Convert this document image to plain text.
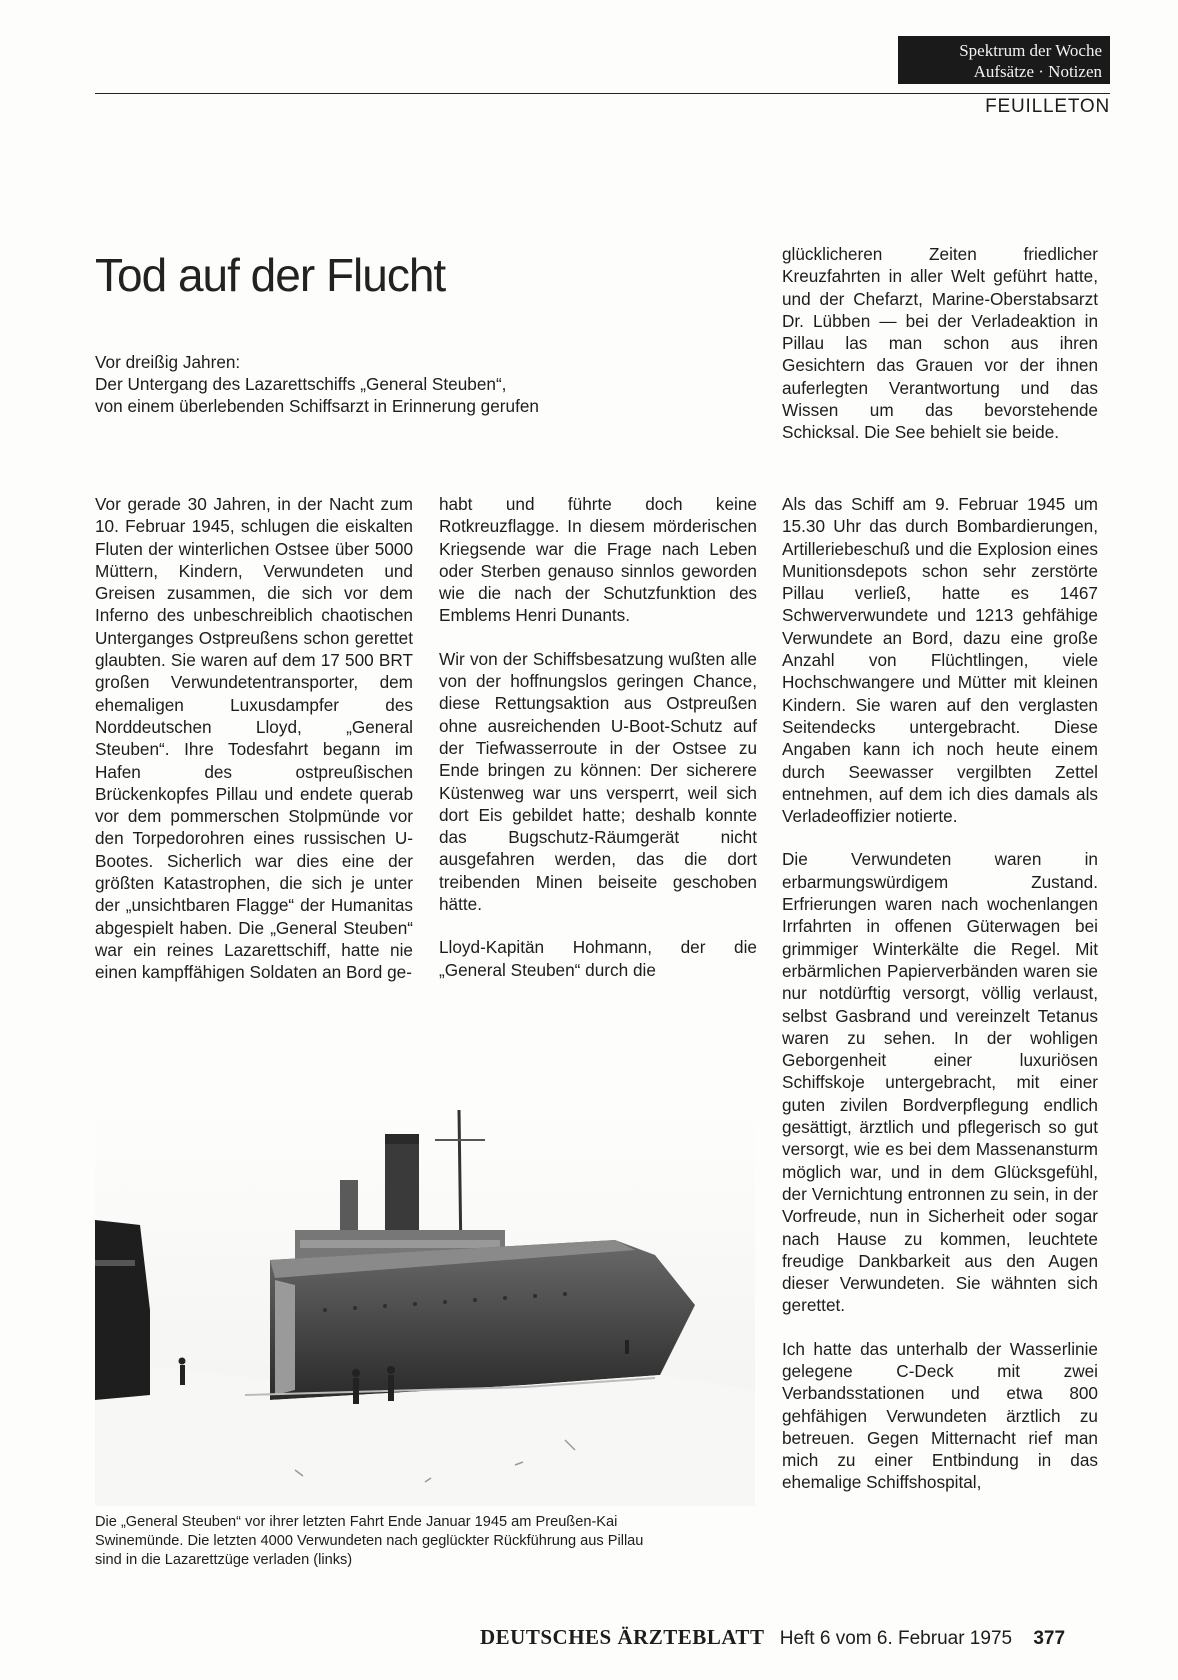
Spektrum der Woche
Aufsätze · Notizen
FEUILLETON
Tod auf der Flucht
Vor dreißig Jahren:
Der Untergang des Lazarettschiffs „General Steuben“,
von einem überlebenden Schiffsarzt in Erinnerung gerufen

glücklicheren Zeiten friedlicher Kreuzfahrten in aller Welt geführt hatte, und der Chefarzt, Marine-Oberstabsarzt Dr. Lübben — bei der Verladeaktion in Pillau las man schon aus ihren Gesichtern das Grauen vor der ihnen auferlegten Verantwortung und das Wissen um das bevorstehende Schicksal. Die See behielt sie beide.

Vor gerade 30 Jahren, in der Nacht zum 10. Februar 1945, schlugen die eiskalten Fluten der winterlichen Ostsee über 5000 Müttern, Kindern, Verwundeten und Greisen zusammen, die sich vor dem Inferno des unbeschreiblich chaotischen Unterganges Ostpreußens schon gerettet glaubten. Sie waren auf dem 17 500 BRT großen Verwundetentransporter, dem ehemaligen Luxusdampfer des Norddeutschen Lloyd, „General Steuben“. Ihre Todesfahrt begann im Hafen des ostpreußischen Brückenkopfes Pillau und endete querab vor dem pommerschen Stolpmünde vor den Torpedorohren eines russischen U-Bootes. Sicherlich war dies eine der größten Katastrophen, die sich je unter der „unsichtbaren Flagge“ der Humanitas abgespielt haben. Die „General Steuben“ war ein reines Lazarettschiff, hatte nie einen kampffähigen Soldaten an Bord ge-

habt und führte doch keine Rotkreuzflagge. In diesem mörderischen Kriegsende war die Frage nach Leben oder Sterben genauso sinnlos geworden wie die nach der Schutzfunktion des Emblems Henri Dunants.

Wir von der Schiffsbesatzung wußten alle von der hoffnungslos geringen Chance, diese Rettungsaktion aus Ostpreußen ohne ausreichenden U-Boot-Schutz auf der Tiefwasserroute in der Ostsee zu Ende bringen zu können: Der sicherere Küstenweg war uns versperrt, weil sich dort Eis gebildet hatte; deshalb konnte das Bugschutz-Räumgerät nicht ausgefahren werden, das die dort treibenden Minen beiseite geschoben hätte.

Lloyd-Kapitän Hohmann, der die „General Steuben“ durch die

Als das Schiff am 9. Februar 1945 um 15.30 Uhr das durch Bombardierungen, Artilleriebeschuß und die Explosion eines Munitionsdepots schon sehr zerstörte Pillau verließ, hatte es 1467 Schwerverwundete und 1213 gehfähige Verwundete an Bord, dazu eine große Anzahl von Flüchtlingen, viele Hochschwangere und Mütter mit kleinen Kindern. Sie waren auf den verglasten Seitendecks untergebracht. Diese Angaben kann ich noch heute einem durch Seewasser vergilbten Zettel entnehmen, auf dem ich dies damals als Verladeoffizier notierte.

Die Verwundeten waren in erbarmungswürdigem Zustand. Erfrierungen waren nach wochenlangen Irrfahrten in offenen Güterwagen bei grimmiger Winterkälte die Regel. Mit erbärmlichen Papierverbänden waren sie nur notdürftig versorgt, völlig verlaust, selbst Gasbrand und vereinzelt Tetanus waren zu sehen. In der wohligen Geborgenheit einer luxuriösen Schiffskoje untergebracht, mit einer guten zivilen Bordverpflegung endlich gesättigt, ärztlich und pflegerisch so gut versorgt, wie es bei dem Massenansturm möglich war, und in dem Glücksgefühl, der Vernichtung entronnen zu sein, in der Vorfreude, nun in Sicherheit oder sogar nach Hause zu kommen, leuchtete freudige Dankbarkeit aus den Augen dieser Verwundeten. Sie wähnten sich gerettet.

Ich hatte das unterhalb der Wasserlinie gelegene C-Deck mit zwei Verbandsstationen und etwa 800 gehfähigen Verwundeten ärztlich zu betreuen. Gegen Mitternacht rief man mich zu einer Entbindung in das ehemalige Schiffshospital,

Die „General Steuben“ vor ihrer letzten Fahrt Ende Januar 1945 am Preußen-Kai
Swinemünde. Die letzten 4000 Verwundeten nach geglückter Rückführung aus Pillau
sind in die Lazarettzüge verladen (links)
DEUTSCHES ÄRZTEBLATT Heft 6 vom 6. Februar 1975 377
